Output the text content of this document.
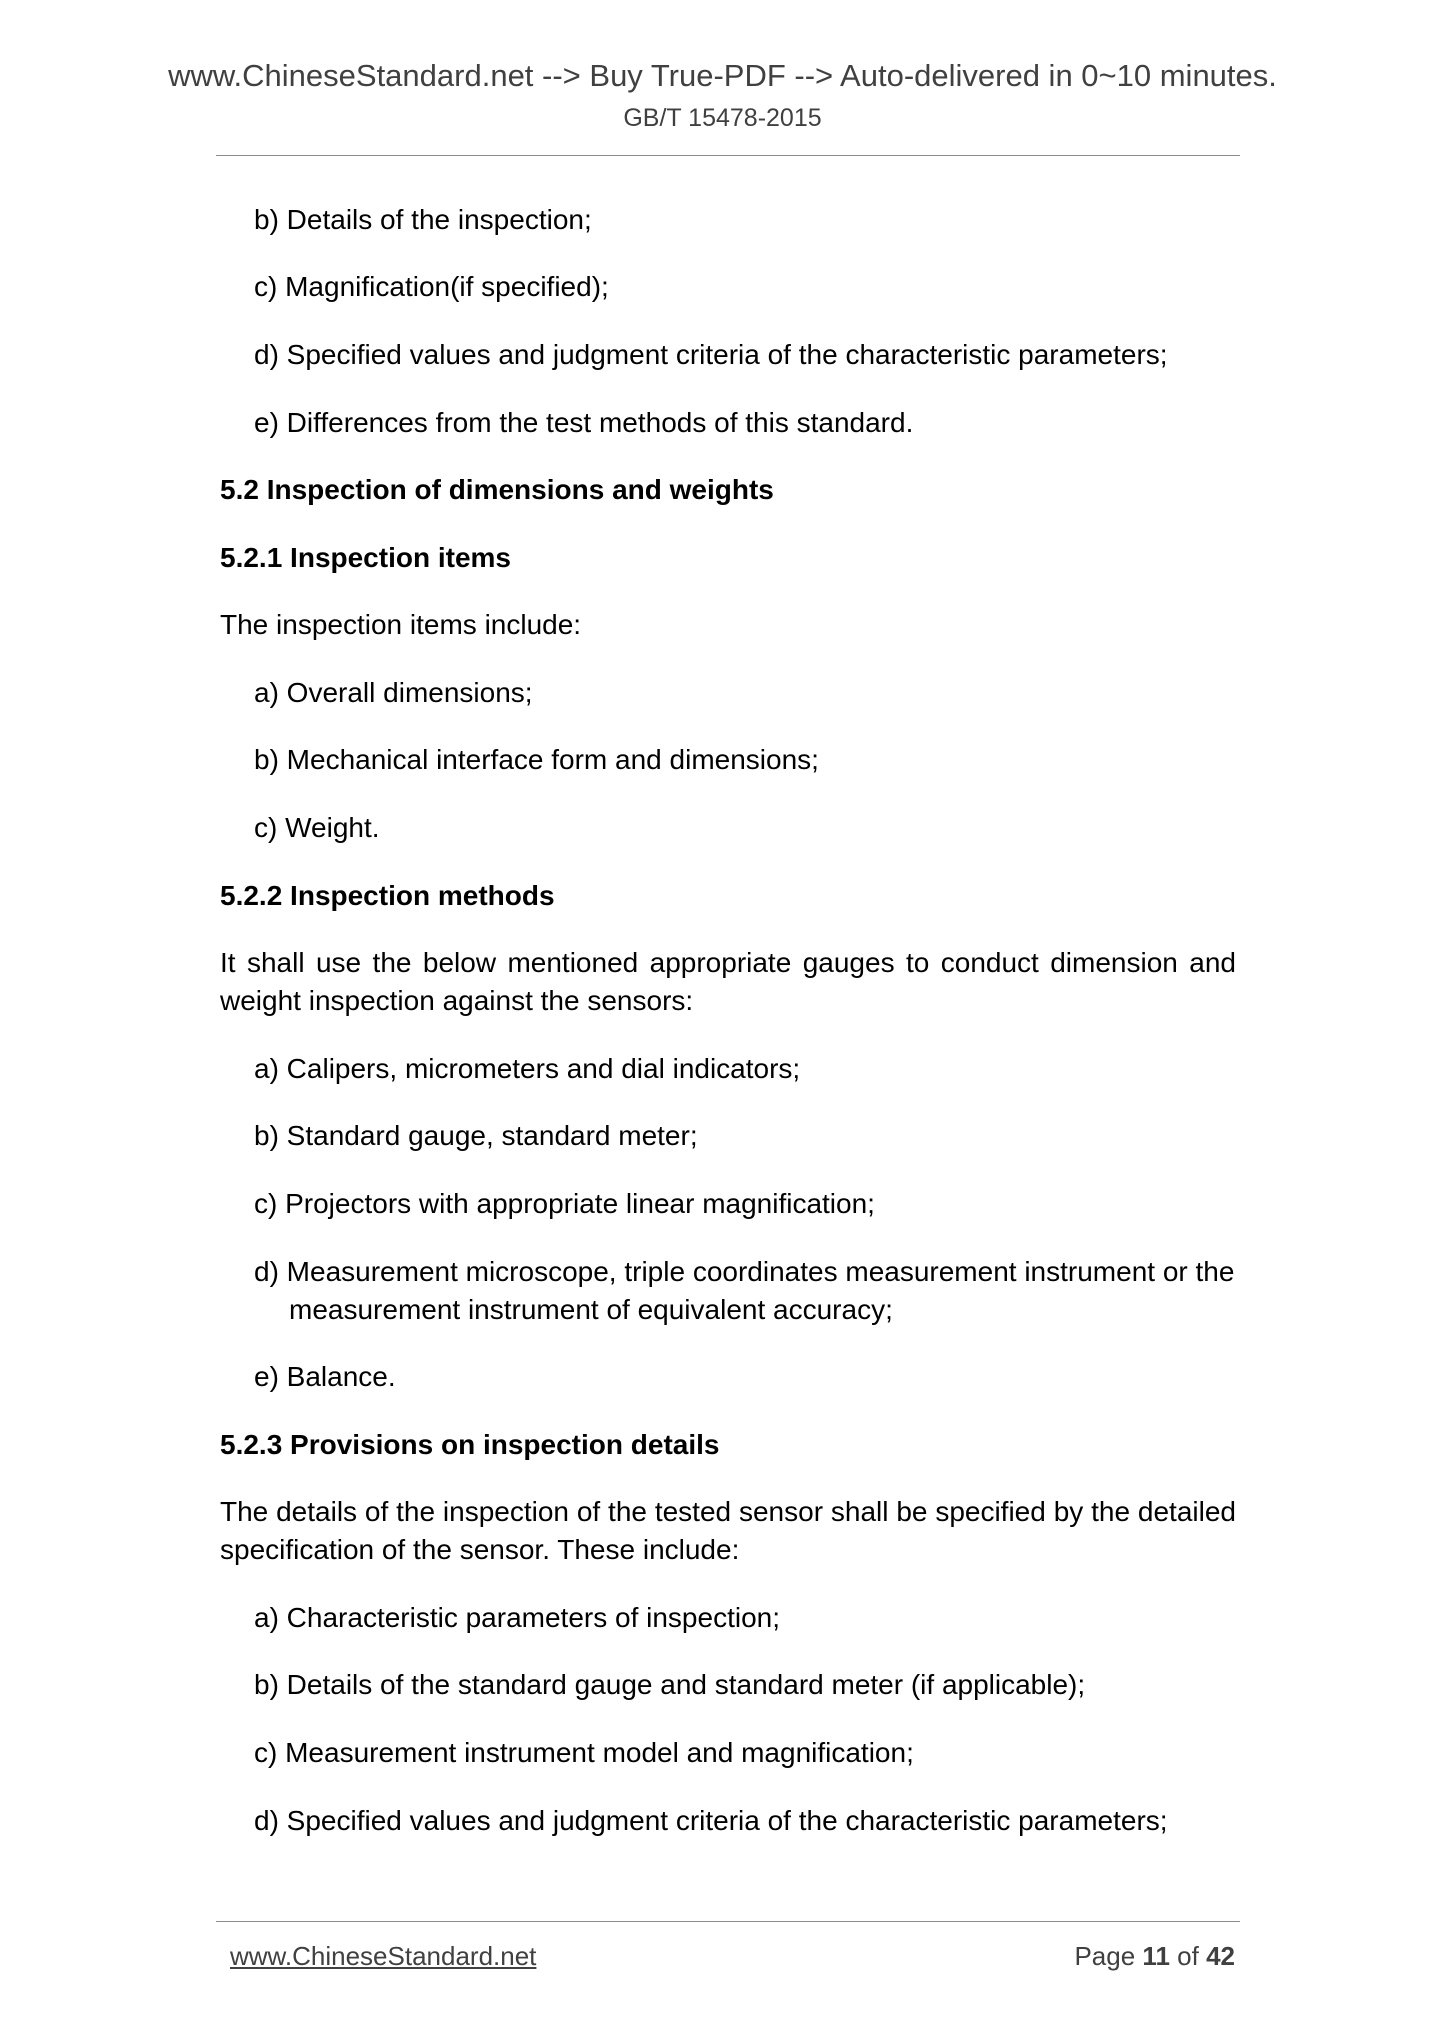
www.ChineseStandard.net --> Buy True-PDF --> Auto-delivered in 0~10 minutes.
GB/T 15478-2015
b) Details of the inspection;
c) Magnification(if specified);
d) Specified values and judgment criteria of the characteristic parameters;
e) Differences from the test methods of this standard.
5.2 Inspection of dimensions and weights
5.2.1 Inspection items
The inspection items include:
a) Overall dimensions;
b) Mechanical interface form and dimensions;
c) Weight.
5.2.2 Inspection methods
It shall use the below mentioned appropriate gauges to conduct dimension and weight inspection against the sensors:
a) Calipers, micrometers and dial indicators;
b) Standard gauge, standard meter;
c) Projectors with appropriate linear magnification;
d) Measurement microscope, triple coordinates measurement instrument or the measurement instrument of equivalent accuracy;
e) Balance.
5.2.3 Provisions on inspection details
The details of the inspection of the tested sensor shall be specified by the detailed specification of the sensor. These include:
a) Characteristic parameters of inspection;
b) Details of the standard gauge and standard meter (if applicable);
c) Measurement instrument model and magnification;
d) Specified values and judgment criteria of the characteristic parameters;
www.ChineseStandard.net	Page 11 of 42
